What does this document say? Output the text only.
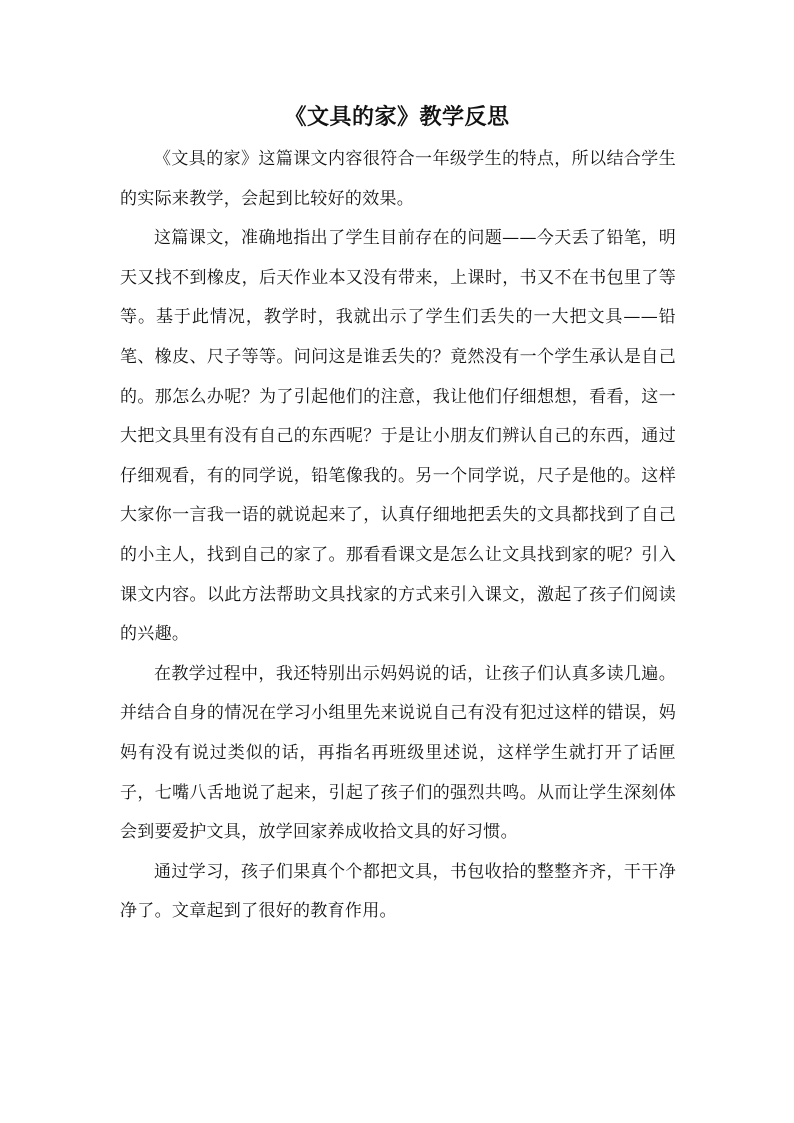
《文具的家》教学反思

《文具的家》这篇课文内容很符合一年级学生的特点，所以结合学生的实际来教学，会起到比较好的效果。

这篇课文，准确地指出了学生目前存在的问题——今天丢了铅笔，明天又找不到橡皮，后天作业本又没有带来，上课时，书又不在书包里了等等。基于此情况，教学时，我就出示了学生们丢失的一大把文具——铅笔、橡皮、尺子等等。问问这是谁丢失的？竟然没有一个学生承认是自己的。那怎么办呢？为了引起他们的注意，我让他们仔细想想，看看，这一大把文具里有没有自己的东西呢？于是让小朋友们辨认自己的东西，通过仔细观看，有的同学说，铅笔像我的。另一个同学说，尺子是他的。这样大家你一言我一语的就说起来了，认真仔细地把丢失的文具都找到了自己的小主人，找到自己的家了。那看看课文是怎么让文具找到家的呢？引入课文内容。以此方法帮助文具找家的方式来引入课文，激起了孩子们阅读的兴趣。

在教学过程中，我还特别出示妈妈说的话，让孩子们认真多读几遍。并结合自身的情况在学习小组里先来说说自己有没有犯过这样的错误，妈妈有没有说过类似的话，再指名再班级里述说，这样学生就打开了话匣子，七嘴八舌地说了起来，引起了孩子们的强烈共鸣。从而让学生深刻体会到要爱护文具，放学回家养成收拾文具的好习惯。

通过学习，孩子们果真个个都把文具，书包收拾的整整齐齐，干干净净了。文章起到了很好的教育作用。
